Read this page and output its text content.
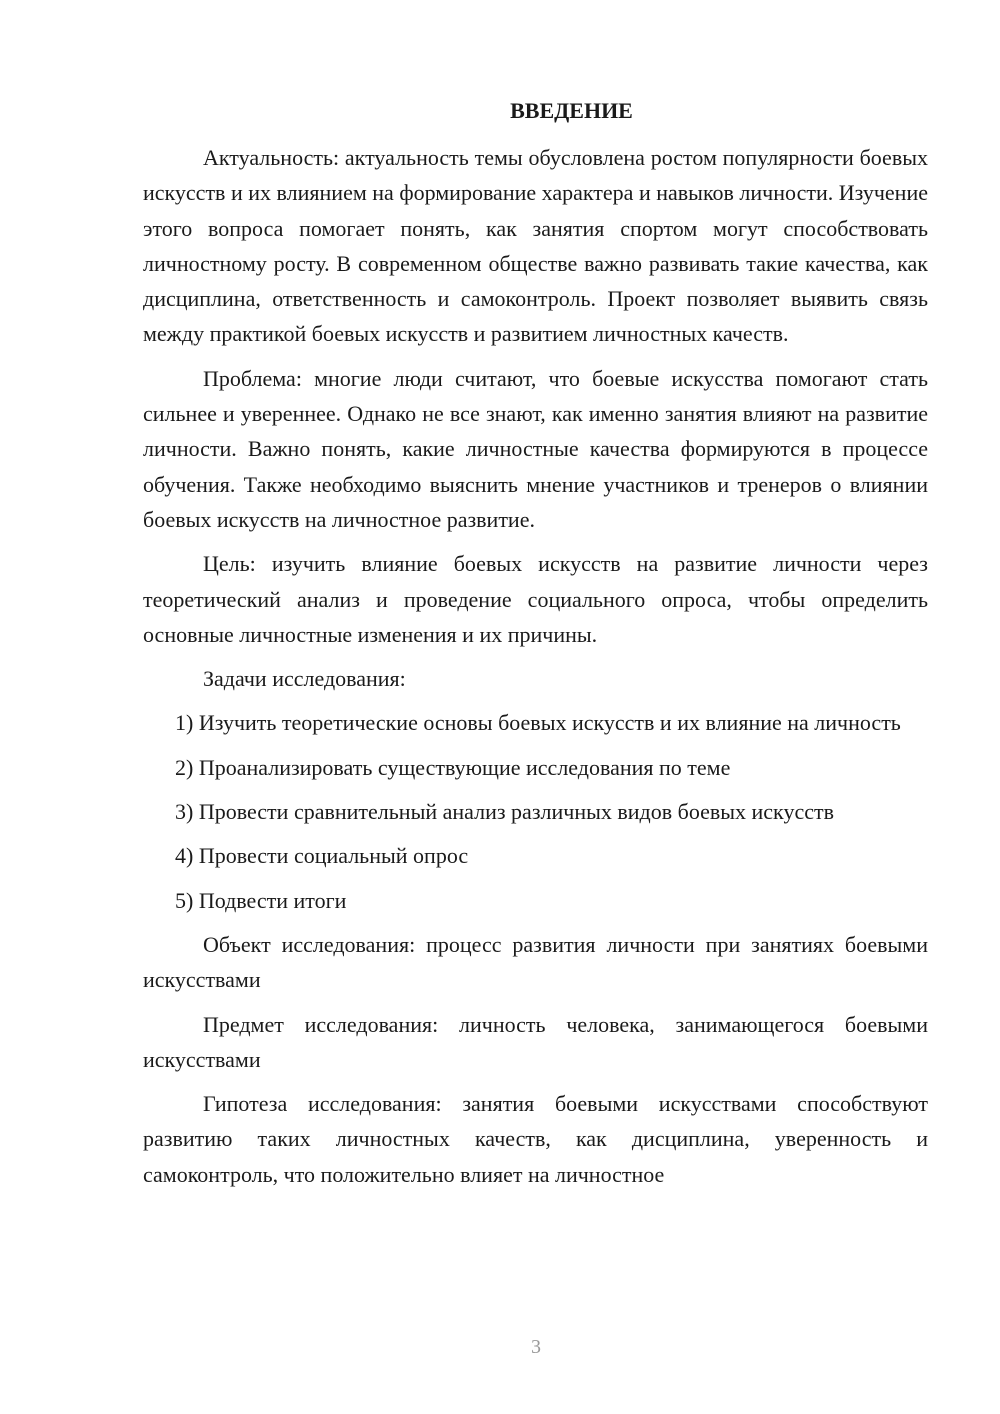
ВВЕДЕНИЕ

Актуальность: актуальность темы обусловлена ростом популярности боевых искусств и их влиянием на формирование характера и навыков личности. Изучение этого вопроса помогает понять, как занятия спортом могут способствовать личностному росту. В современном обществе важно развивать такие качества, как дисциплина, ответственность и самоконтроль. Проект позволяет выявить связь между практикой боевых искусств и развитием личностных качеств.

Проблема: многие люди считают, что боевые искусства помогают стать сильнее и увереннее. Однако не все знают, как именно занятия влияют на развитие личности. Важно понять, какие личностные качества формируются в процессе обучения. Также необходимо выяснить мнение участников и тренеров о влиянии боевых искусств на личностное развитие.

Цель: изучить влияние боевых искусств на развитие личности через теоретический анализ и проведение социального опроса, чтобы определить основные личностные изменения и их причины.

Задачи исследования:

1) Изучить теоретические основы боевых искусств и их влияние на личность

2) Проанализировать существующие исследования по теме

3) Провести сравнительный анализ различных видов боевых искусств

4) Провести социальный опрос

5) Подвести итоги

Объект исследования: процесс развития личности при занятиях боевыми искусствами

Предмет исследования: личность человека, занимающегося боевыми искусствами

Гипотеза исследования: занятия боевыми искусствами способствуют развитию таких личностных качеств, как дисциплина, уверенность и самоконтроль, что положительно влияет на личностное

3
